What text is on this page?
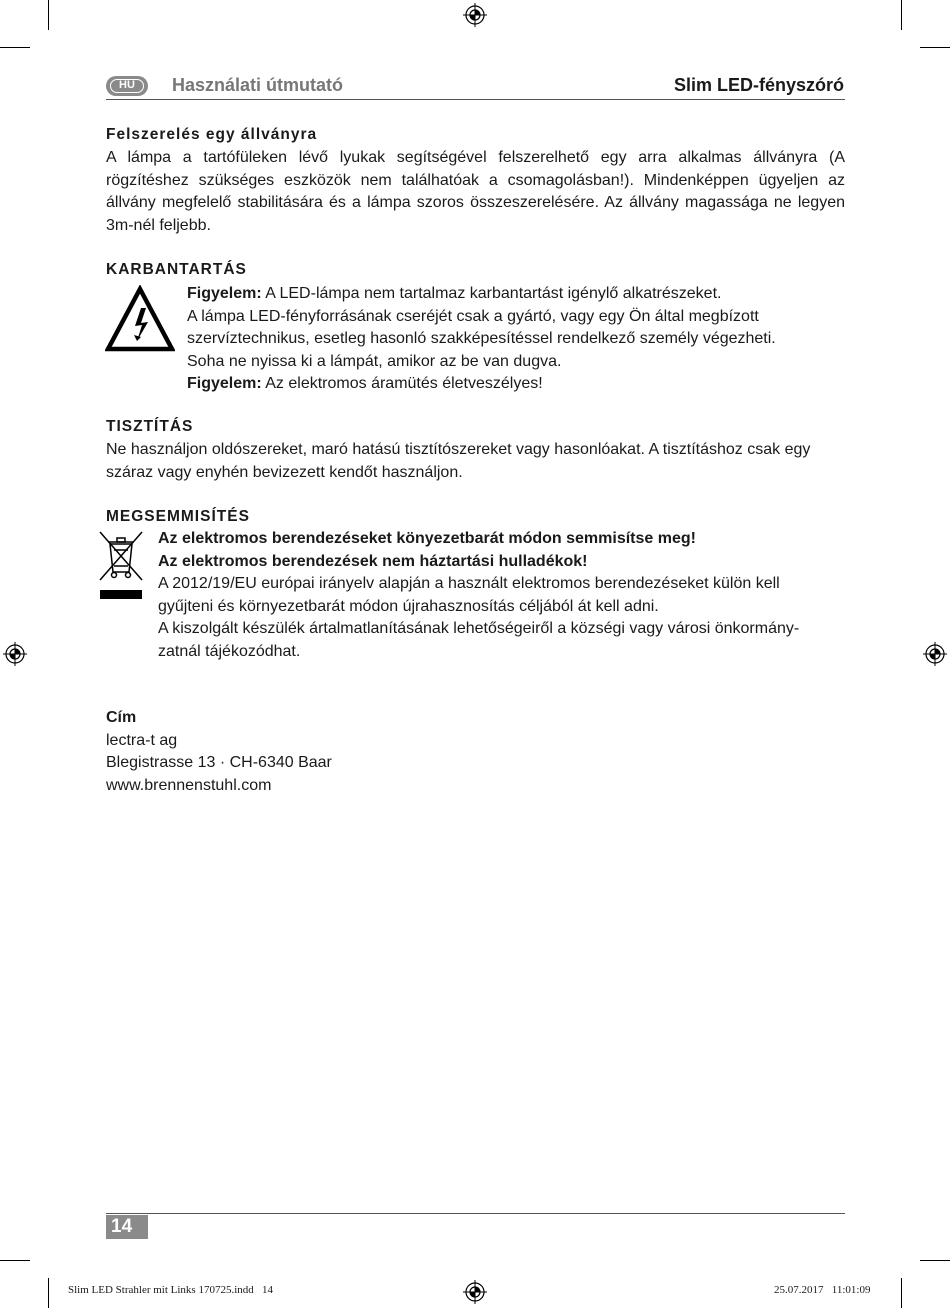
HU	Használati útmutató	Slim LED-fényszóró
Felszerelés egy állványra
A lámpa a tartófüleken lévő lyukak segítségével felszerelhető egy arra alkalmas állványra (A
rögzítéshez szükséges eszközök nem találhatóak a csomagolásban!). Mindenképpen ügyeljen az
állvány megfelelő stabilitására és a lámpa szoros összeszerelésére. Az állvány magassága ne legyen
3m-nél feljebb.
KARBANTARTÁS
Figyelem: A LED-lámpa nem tartalmaz karbantartást igénylő alkatrészeket.
A lámpa LED-fényforrásának cseréjét csak a gyártó, vagy egy Ön által megbízott
szervíztechnikus, esetleg hasonló szakképesítéssel rendelkező személy végezheti.
Soha ne nyissa ki a lámpát, amikor az be van dugva.
Figyelem: Az elektromos áramütés életveszélyes!
TISZTÍTÁS
Ne használjon oldószereket, maró hatású tisztítószereket vagy hasonlóakat. A tisztításhoz csak egy
száraz vagy enyhén bevizezett kendőt használjon.
MEGSEMMISÍTÉS
Az elektromos berendezéseket könyezetbarát módon semmisítse meg!
Az elektromos berendezések nem háztartási hulladékok!
A 2012/19/EU európai irányelv alapján a használt elektromos berendezéseket külön kell
gyűjteni és környezetbarát módon újrahasznosítás céljából át kell adni.
A kiszolgált készülék ártalmatlanításának lehetőségeiről a községi vagy városi önkormány-
zatnál tájékozódhat.
Cím
lectra-t ag
Blegistrasse 13 · CH-6340 Baar
www.brennenstuhl.com
14
Slim LED Strahler mit Links 170725.indd   14	25.07.2017   11:01:09
